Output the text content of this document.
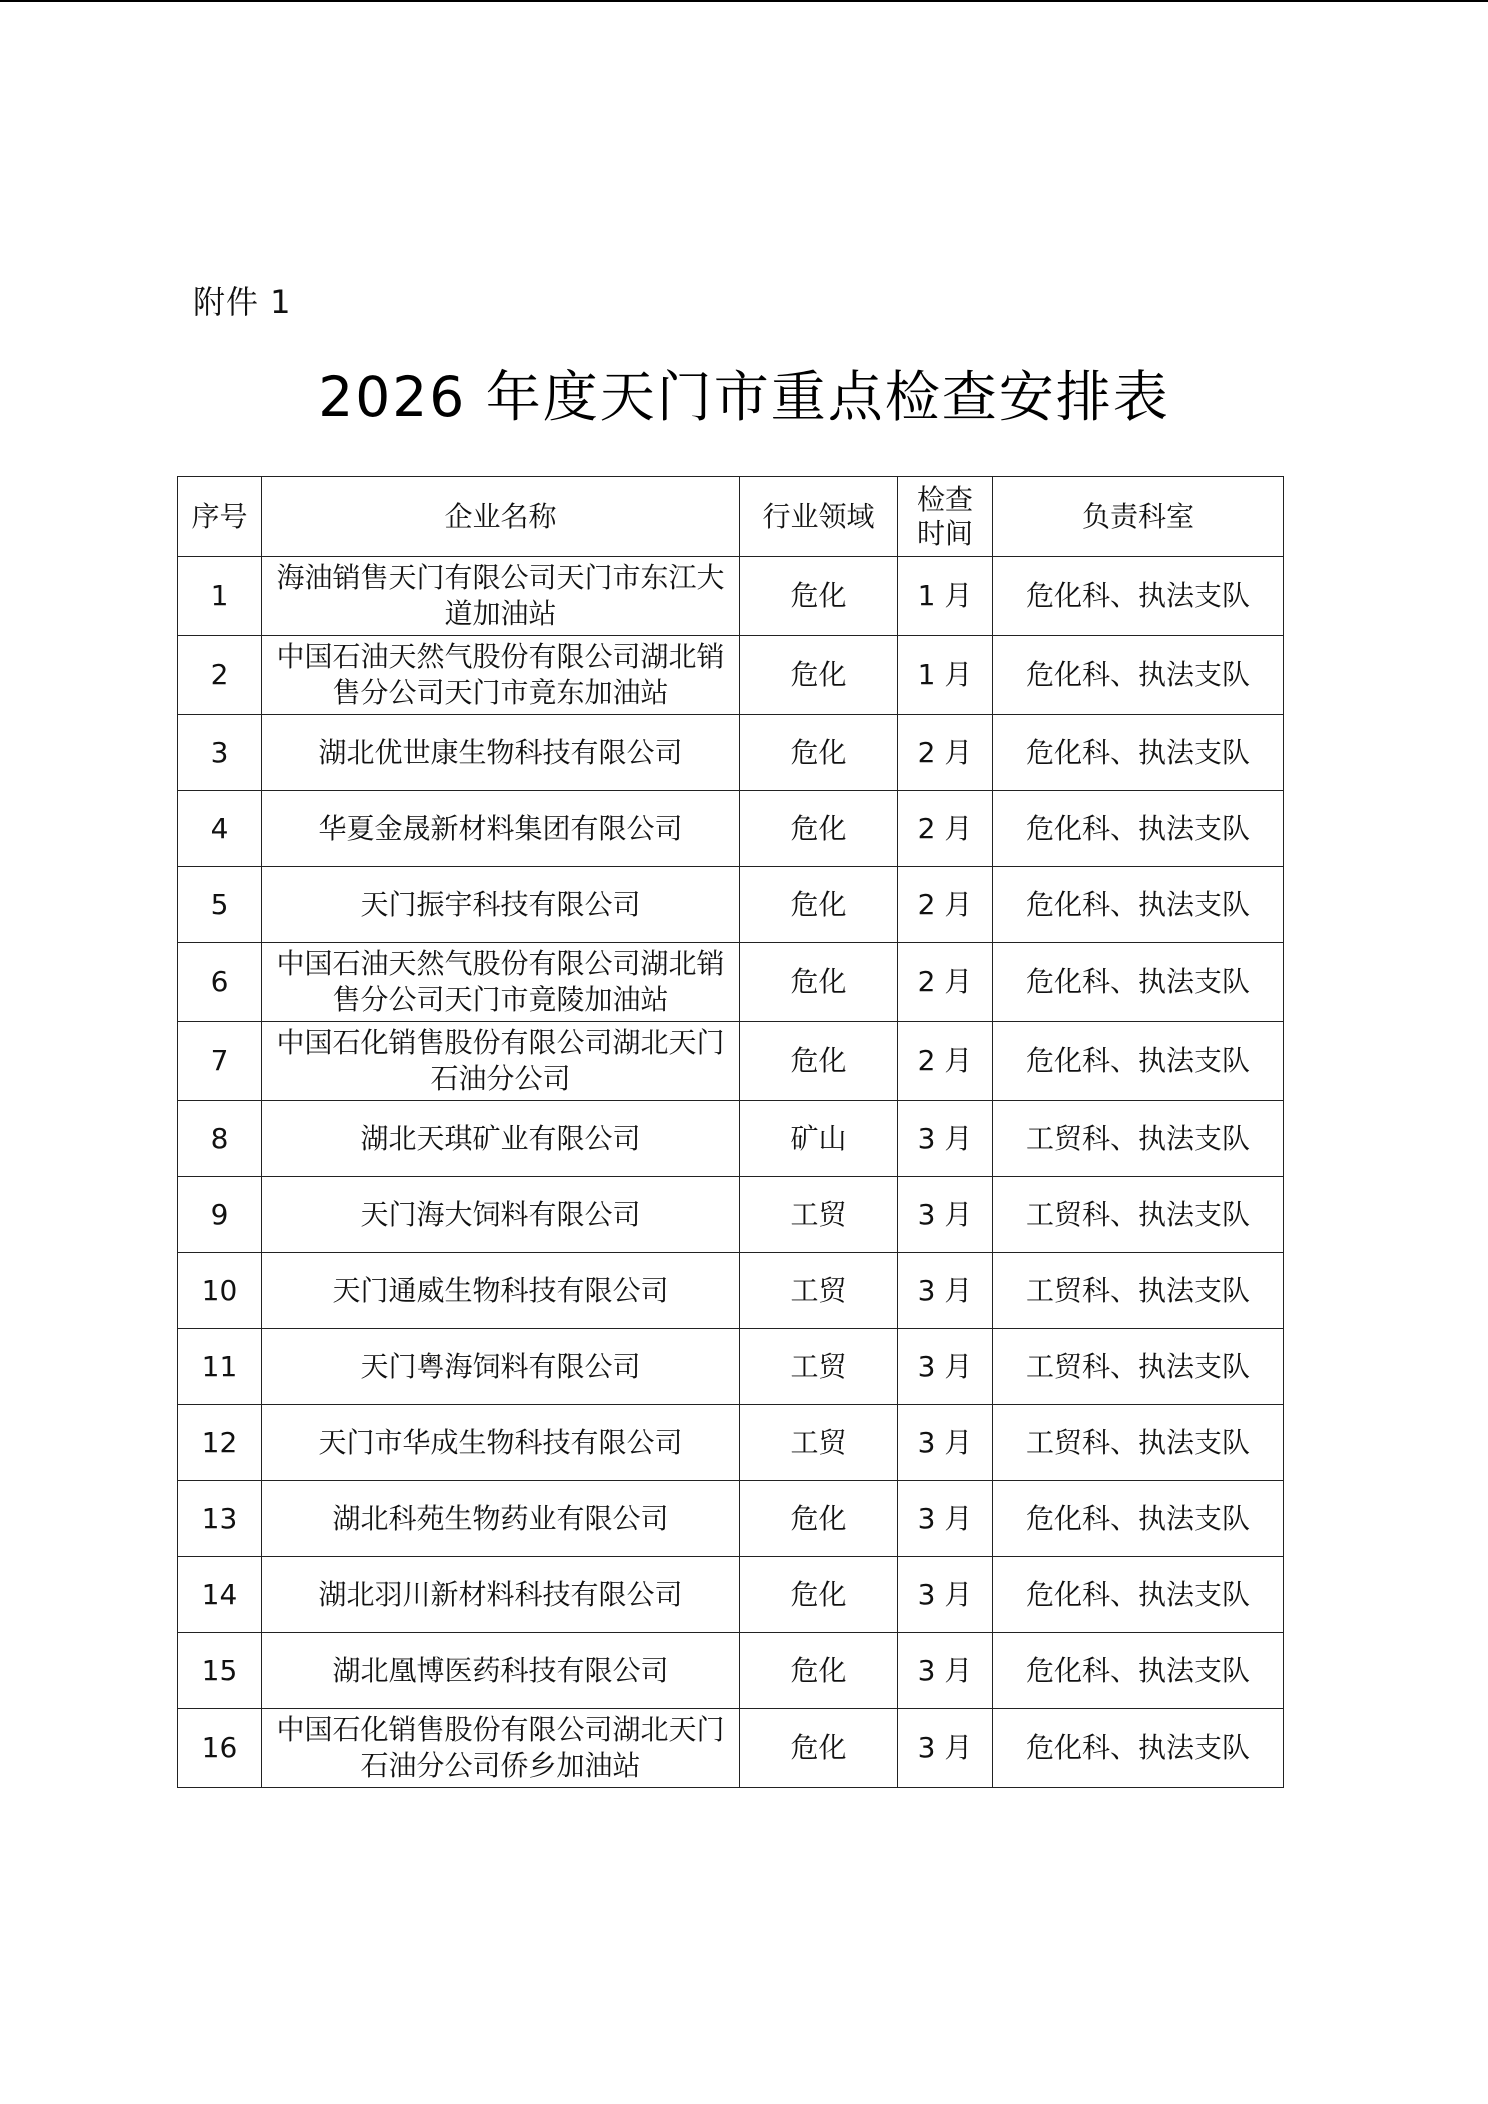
附件 1
2026 年度天门市重点检查安排表
序号	企业名称	行业领域	检查时间	负责科室
1	海油销售天门有限公司天门市东江大道加油站	危化	1 月	危化科、执法支队
2	中国石油天然气股份有限公司湖北销售分公司天门市竟东加油站	危化	1 月	危化科、执法支队
3	湖北优世康生物科技有限公司	危化	2 月	危化科、执法支队
4	华夏金晟新材料集团有限公司	危化	2 月	危化科、执法支队
5	天门振宇科技有限公司	危化	2 月	危化科、执法支队
6	中国石油天然气股份有限公司湖北销售分公司天门市竟陵加油站	危化	2 月	危化科、执法支队
7	中国石化销售股份有限公司湖北天门石油分公司	危化	2 月	危化科、执法支队
8	湖北天琪矿业有限公司	矿山	3 月	工贸科、执法支队
9	天门海大饲料有限公司	工贸	3 月	工贸科、执法支队
10	天门通威生物科技有限公司	工贸	3 月	工贸科、执法支队
11	天门粤海饲料有限公司	工贸	3 月	工贸科、执法支队
12	天门市华成生物科技有限公司	工贸	3 月	工贸科、执法支队
13	湖北科苑生物药业有限公司	危化	3 月	危化科、执法支队
14	湖北羽川新材料科技有限公司	危化	3 月	危化科、执法支队
15	湖北凰博医药科技有限公司	危化	3 月	危化科、执法支队
16	中国石化销售股份有限公司湖北天门石油分公司侨乡加油站	危化	3 月	危化科、执法支队
